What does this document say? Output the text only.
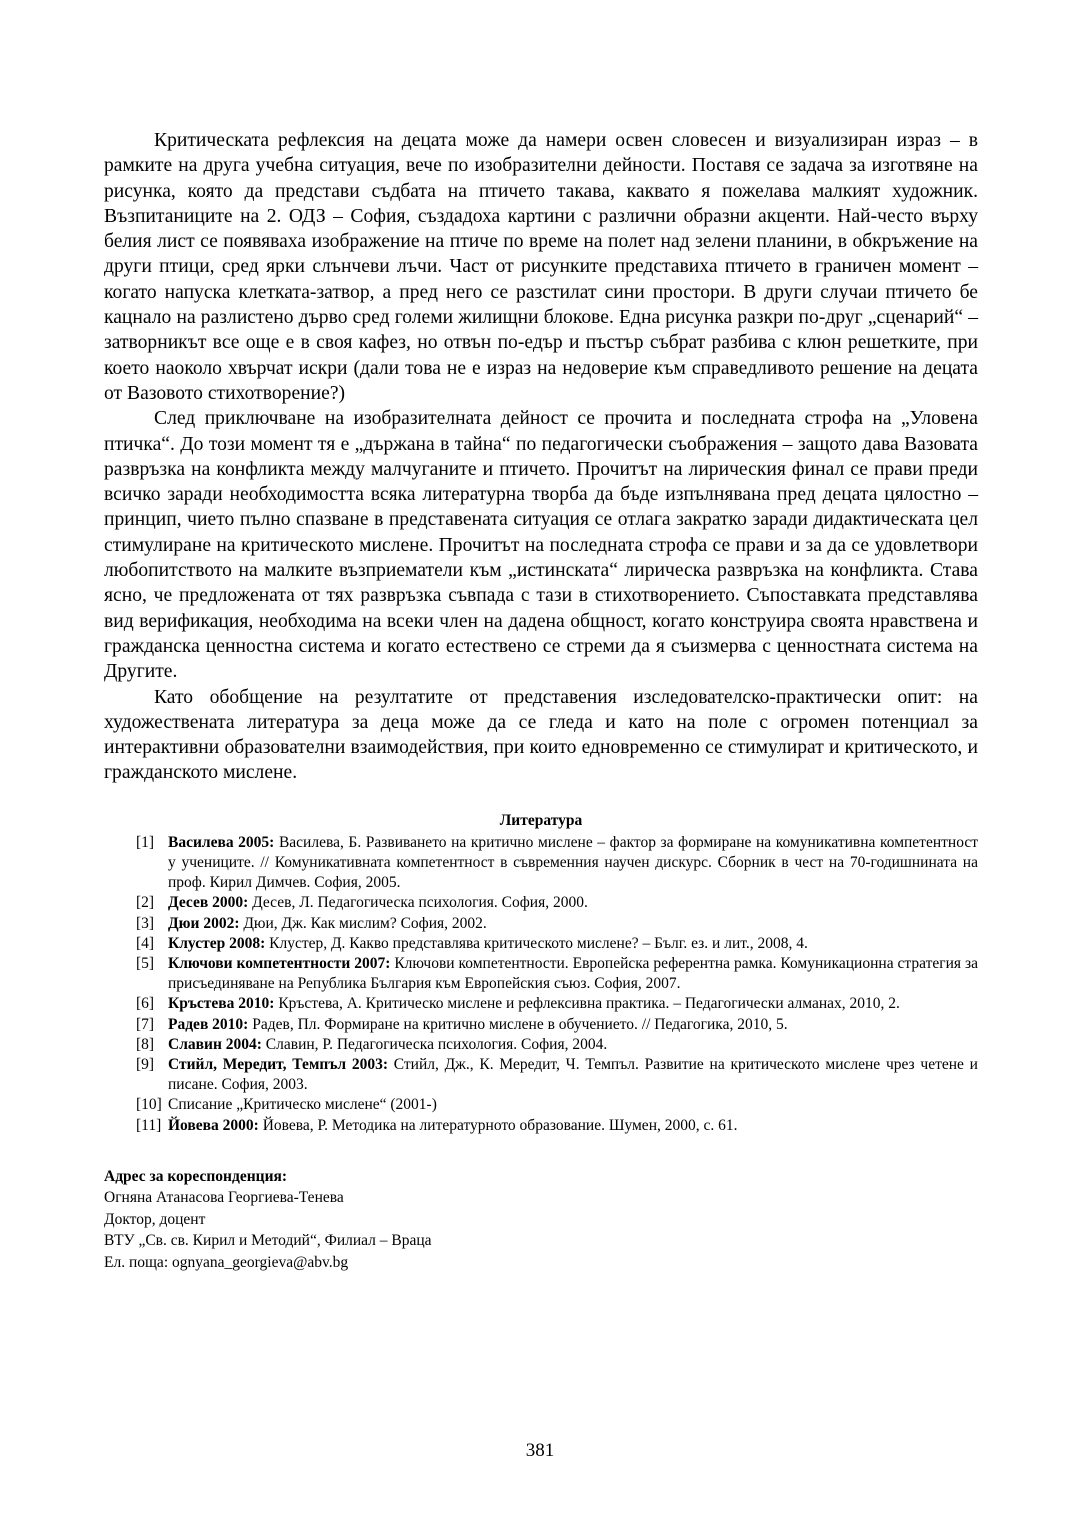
Критическата рефлексия на децата може да намери освен словесен и визуализиран израз – в рамките на друга учебна ситуация, вече по изобразителни дейности. Поставя се задача за изготвяне на рисунка, която да представи съдбата на птичето такава, каквато я пожелава малкият художник. Възпитаниците на 2. ОДЗ – София, създадоха картини с различни образни акценти. Най-често върху белия лист се появяваха изображение на птиче по време на полет над зелени планини, в обкръжение на други птици, сред ярки слънчеви лъчи. Част от рисунките представиха птичето в граничен момент – когато напуска клетката-затвор, а пред него се разстилат сини простори. В други случаи птичето бе кацнало на разлистено дърво сред големи жилищни блокове. Една рисунка разкри по-друг „сценарий“ – затворникът все още е в своя кафез, но отвън по-едър и пъстър събрат разбива с клюн решетките, при което наоколо хвърчат искри (дали това не е израз на недоверие към справедливото решение на децата от Вазовото стихотворение?)

След приключване на изобразителната дейност се прочита и последната строфа на „Уловена птичка“. До този момент тя е „държана в тайна“ по педагогически съображения – защото дава Вазовата развръзка на конфликта между малчуганите и птичето. Прочитът на лирическия финал се прави преди всичко заради необходимостта всяка литературна творба да бъде изпълнявана пред децата цялостно – принцип, чието пълно спазване в представената ситуация се отлага закратко заради дидактическата цел стимулиране на критическото мислене. Прочитът на последната строфа се прави и за да се удовлетвори любопитството на малките възприематели към „истинската“ лирическа развръзка на конфликта. Става ясно, че предложената от тях развръзка съвпада с тази в стихотворението. Съпоставката представлява вид верификация, необходима на всеки член на дадена общност, когато конструира своята нравствена и гражданска ценностна система и когато естествено се стреми да я съизмерва с ценностната система на Другите.

Като обобщение на резултатите от представения изследователско-практически опит: на художествената литература за деца може да се гледа и като на поле с огромен потенциал за интерактивни образователни взаимодействия, при които едновременно се стимулират и критическото, и гражданското мислене.

Литература
[1] Василева 2005: Василева, Б. Развиването на критично мислене – фактор за формиране на комуникативна компетентност у учениците. // Комуникативната компетентност в съвременния научен дискурс. Сборник в чест на 70-годишнината на проф. Кирил Димчев. София, 2005.
[2] Десев 2000: Десев, Л. Педагогическа психология. София, 2000.
[3] Дюи 2002: Дюи, Дж. Как мислим? София, 2002.
[4] Клустер 2008: Клустер, Д. Какво представлява критическото мислене? – Бълг. ез. и лит., 2008, 4.
[5] Ключови компетентности 2007: Ключови компетентности. Европейска референтна рамка. Комуникационна стратегия за присъединяване на Република България към Европейския съюз. София, 2007.
[6] Кръстева 2010: Кръстева, А. Критическо мислене и рефлексивна практика. – Педагогически алманах, 2010, 2.
[7] Радев 2010: Радев, Пл. Формиране на критично мислене в обучението. // Педагогика, 2010, 5.
[8] Славин 2004: Славин, Р. Педагогическа психология. София, 2004.
[9] Стийл, Мередит, Темпъл 2003: Стийл, Дж., К. Мередит, Ч. Темпъл. Развитие на критическото мислене чрез четене и писане. София, 2003.
[10] Списание „Критическо мислене“ (2001-)
[11] Йовева 2000: Йовева, Р. Методика на литературното образование. Шумен, 2000, с. 61.
Адрес за кореспонденция:
Огняна Атанасова Георгиева-Тенева
Доктор, доцент
ВТУ „Св. св. Кирил и Методий“, Филиал – Враца
Ел. поща: ognyana_georgieva@abv.bg
381
